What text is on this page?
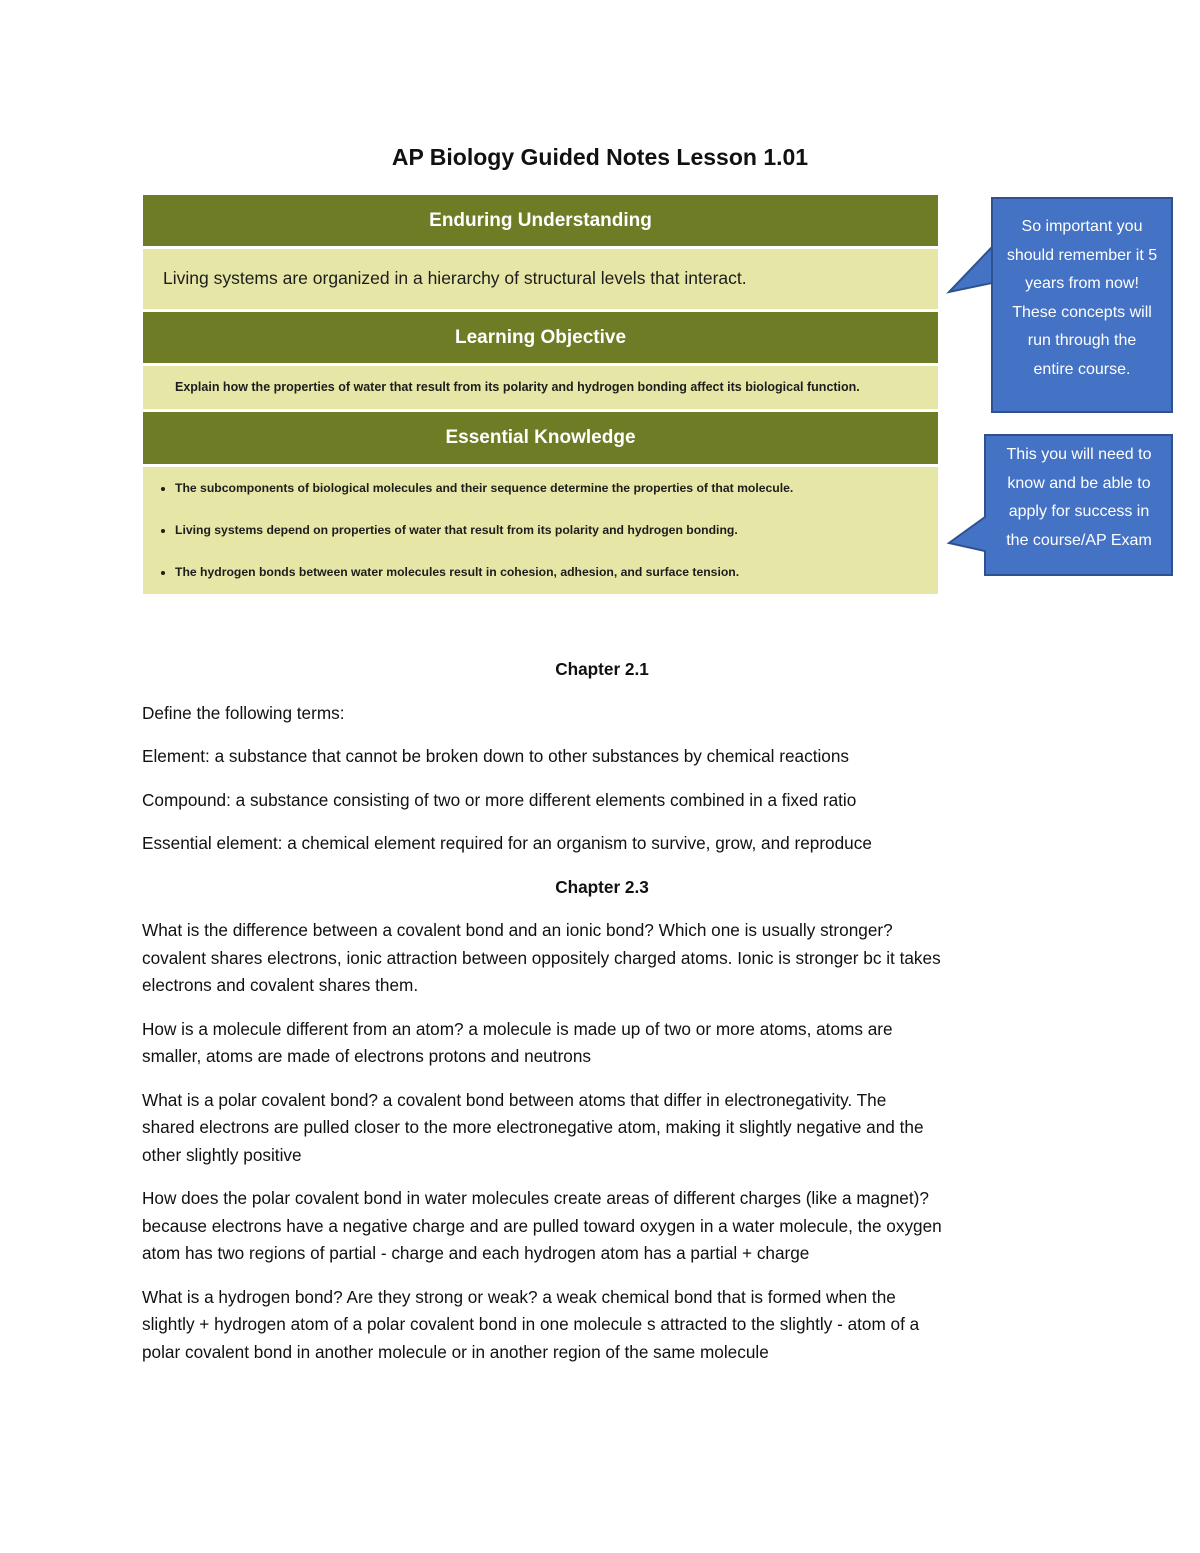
AP Biology Guided Notes Lesson 1.01
Enduring Understanding
Living systems are organized in a hierarchy of structural levels that interact.
Learning Objective
Explain how the properties of water that result from its polarity and hydrogen bonding affect its biological function.
Essential Knowledge
• The subcomponents of biological molecules and their sequence determine the properties of that molecule.
• Living systems depend on properties of water that result from its polarity and hydrogen bonding.
• The hydrogen bonds between water molecules result in cohesion, adhesion, and surface tension.
So important you
should remember it 5
years from now!
These concepts will
run through the
entire course.
This you will need to
know and be able to
apply for success in
the course/AP Exam

Chapter 2.1

Define the following terms:

Element: a substance that cannot be broken down to other substances by chemical reactions

Compound: a substance consisting of two or more different elements combined in a fixed ratio

Essential element: a chemical element required for an organism to survive, grow, and reproduce

Chapter 2.3

What is the difference between a covalent bond and an ionic bond? Which one is usually stronger?
covalent shares electrons, ionic attraction between oppositely charged atoms. Ionic is stronger bc it takes
electrons and covalent shares them.

How is a molecule different from an atom? a molecule is made up of two or more atoms, atoms are
smaller, atoms are made of electrons protons and neutrons

What is a polar covalent bond? a covalent bond between atoms that differ in electronegativity. The
shared electrons are pulled closer to the more electronegative atom, making it slightly negative and the
other slightly positive

How does the polar covalent bond in water molecules create areas of different charges (like a magnet)?
because electrons have a negative charge and are pulled toward oxygen in a water molecule, the oxygen
atom has two regions of partial - charge and each hydrogen atom has a partial + charge

What is a hydrogen bond? Are they strong or weak? a weak chemical bond that is formed when the
slightly + hydrogen atom of a polar covalent bond in one molecule s attracted to the slightly - atom of a
polar covalent bond in another molecule or in another region of the same molecule
